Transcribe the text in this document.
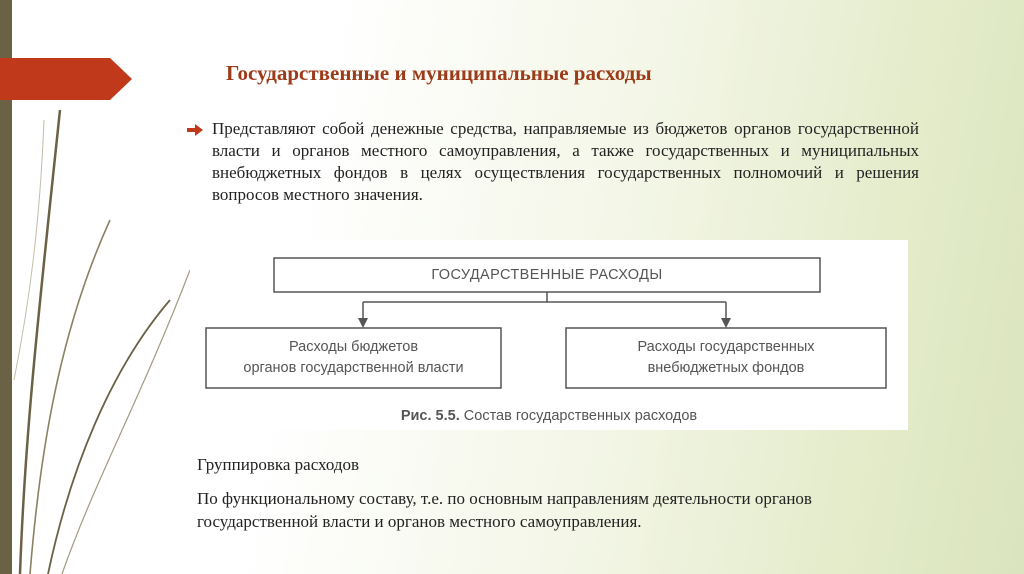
Государственные и муниципальные расходы

Представляют собой денежные средства, направляемые из бюджетов органов государственной власти и органов местного самоуправления, а также государственных и муниципальных внебюджетных фондов в целях осуществления государственных полномочий и решения вопросов местного значения.

ГОСУДАРСТВЕННЫЕ РАСХОДЫ
Расходы бюджетов
органов государственной власти
Расходы государственных
внебюджетных фондов
Рис. 5.5. Состав государственных расходов

Группировка расходов

По функциональному составу, т.е. по основным направлениям деятельности органов государственной власти и органов местного самоуправления.
